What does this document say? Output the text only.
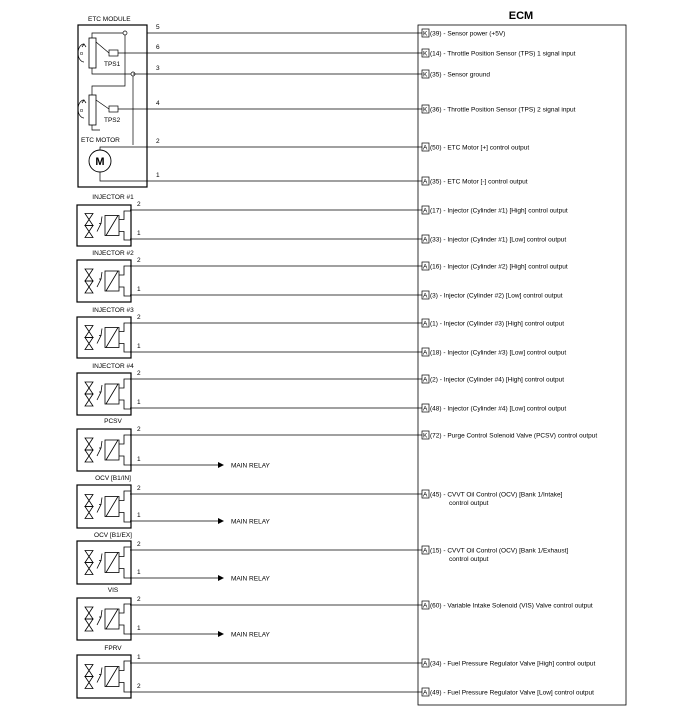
ECM
ETC MODULE
ɑ
TPS1
ɑ
TPS2
ETC MOTOR
M
INJECTOR #1
INJECTOR #2
INJECTOR #3
INJECTOR #4
PCSV
OCV [B1/IN]
OCV [B1/EX]
VIS
FPRV
5
K (39) - Sensor power (+5V)
6
K (14) - Throttle Position Sensor (TPS) 1 signal input
3
K (35) - Sensor ground
4
K (36) - Throttle Position Sensor (TPS) 2 signal input
2
A (50) - ETC Motor [+] control output
1
A (35) - ETC Motor [-] control output
2
A (17) - Injector (Cylinder #1) [High] control output
1
A (33) - Injector (Cylinder #1) [Low] control output
2
A (16) - Injector (Cylinder #2) [High] control output
1
A (3) - Injector (Cylinder #2) [Low] control output
2
A (1) - Injector (Cylinder #3) [High] control output
1
A (18) - Injector (Cylinder #3) [Low] control output
2
A (2) - Injector (Cylinder #4) [High] control output
1
A (48) - Injector (Cylinder #4) [Low] control output
2
K (72) - Purge Control Solenoid Valve (PCSV) control output
2
A (45) - CVVT Oil Control (OCV) [Bank 1/Intake]
control output
2
A (15) - CVVT Oil Control (OCV) [Bank 1/Exhaust]
control output
2
A (60) - Variable Intake Solenoid (VIS) Valve control output
1
A (34) - Fuel Pressure Regulator Valve [High] control output
2
A (49) - Fuel Pressure Regulator Valve [Low] control output
1
MAIN RELAY
1
MAIN RELAY
1
MAIN RELAY
1
MAIN RELAY
